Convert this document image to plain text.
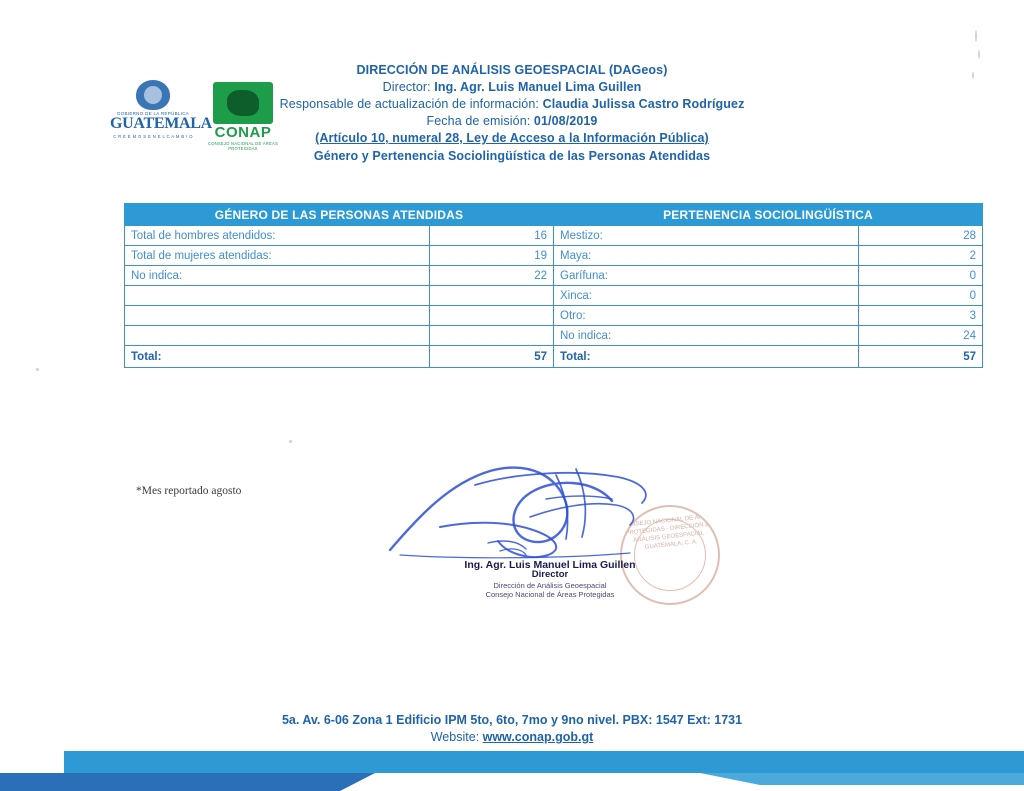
GOBIERNO DE LA REPÚBLICA
GUATEMALA
C R E E M O S E N E L C A M B I O	CONAP
CONSEJO NACIONAL DE ÁREAS PROTEGIDAS
DIRECCIÓN DE ANÁLISIS GEOESPACIAL (DAGeos)
Director: Ing. Agr. Luis Manuel Lima Guillen
Responsable de actualización de información: Claudia Julissa Castro Rodríguez
Fecha de emisión: 01/08/2019
(Artículo 10, numeral 28, Ley de Acceso a la Información Pública)
Género y Pertenencia Sociolingüística de las Personas Atendidas
GÉNERO DE LAS PERSONAS ATENDIDAS		PERTENENCIA SOCIOLINGÜÍSTICA	
Total de hombres atendidos:	16	Mestizo:	28
Total de mujeres atendidas:	19	Maya:	2
No indica:	22	Garífuna:	0
		Xinca:	0
		Otro:	3
		No indica:	24
Total:	57	Total:	57
*Mes reportado agosto
CONSEJO NACIONAL DE ÁREAS PROTEGIDAS · DIRECCIÓN DE ANÁLISIS GEOESPACIAL · GUATEMALA, C. A.
Ing. Agr. Luis Manuel Lima Guillen
Director
Dirección de Análisis Geoespacial
Consejo Nacional de Áreas Protegidas
5a. Av. 6-06 Zona 1 Edificio IPM 5to, 6to, 7mo y 9no nivel. PBX: 1547 Ext: 1731
Website: www.conap.gob.gt
